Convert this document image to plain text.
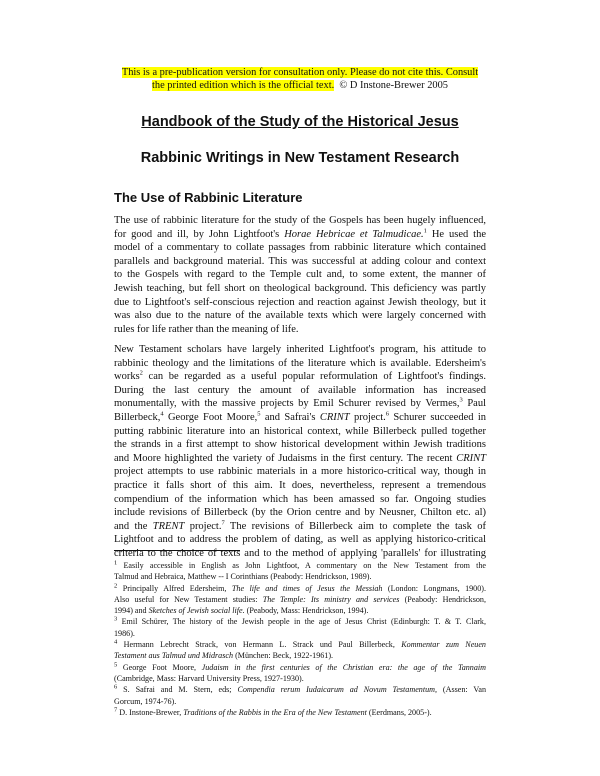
This is a pre-publication version for consultation only. Please do not cite this. Consult
the printed edition which is the official text. © D Instone-Brewer 2005
Handbook of the Study of the Historical Jesus
Rabbinic Writings in New Testament Research
The Use of Rabbinic Literature
The use of rabbinic literature for the study of the Gospels has been hugely influenced,
for good and ill, by John Lightfoot's Horae Hebricae et Talmudicae.$^1$ He used the
model of a commentary to collate passages from rabbinic literature which contained
parallels and background material. This was successful at adding colour and context
to the Gospels with regard to the Temple cult and, to some extent, the manner of
Jewish teaching, but fell short on theological background. This deficiency was partly
due to Lightfoot's self-conscious rejection and reaction against Jewish theology, but it
was also due to the nature of the available texts which were largely concerned with
rules for life rather than the meaning of life.
New Testament scholars have largely inherited Lightfoot's program, his attitude to
rabbinic theology and the limitations of the literature which is available. Edersheim's
works$^2$ can be regarded as a useful popular reformulation of Lightfoot's findings.
During the last century the amount of available information has increased
monumentally, with the massive projects by Emil Schurer revised by Vermes,$^3$ Paul
Billerbeck,$^4$ George Foot Moore,$^5$ and Safrai's CRINT project.$^6$ Schurer succeeded in
putting rabbinic literature into an historical context, while Billerbeck pulled together
the strands in a first attempt to show historical development within Jewish traditions
and Moore highlighted the variety of Judaisms in the first century. The recent CRINT
project attempts to use rabbinic materials in a more historico-critical way, though in
practice it falls short of this aim. It does, nevertheless, represent a tremendous
compendium of the information which has been amassed so far. Ongoing studies
include revisions of Billerbeck (by the Orion centre and by Neusner, Chilton etc. al)
and the TRENT project.$^7$ The revisions of Billerbeck aim to complete the task of
Lightfoot and to address the problem of dating, as well as applying historico-critical
criteria to the choice of texts and to the method of applying 'parallels' for illustrating
$^1$ Easily accessible in English as John Lightfoot, A commentary on the New Testament from the
Talmud and Hebraica, Matthew -- I Corinthians (Peabody: Hendrickson, 1989).
$^2$ Principally Alfred Edersheim, The life and times of Jesus the Messiah (London: Longmans, 1900).
Also useful for New Testament studies: The Temple: Its ministry and services (Peabody: Hendrickson,
1994) and Sketches of Jewish social life. (Peabody, Mass: Hendrickson, 1994).
$^3$ Emil Schürer, The history of the Jewish people in the age of Jesus Christ (Edinburgh: T. & T. Clark,
1986).
$^4$ Hermann Lebrecht Strack, von Hermann L. Strack und Paul Billerbeck, Kommentar zum Neuen
Testament aus Talmud und Midrasch (München: Beck, 1922-1961).
$^5$ George Foot Moore, Judaism in the first centuries of the Christian era: the age of the Tannaim
(Cambridge, Mass: Harvard University Press, 1927-1930).
$^6$ S. Safrai and M. Stern, eds; Compendia rerum Iudaicarum ad Novum Testamentum, (Assen: Van
Gorcum, 1974-76).
$^7$ D. Instone-Brewer, Traditions of the Rabbis in the Era of the New Testament (Eerdmans, 2005-).
